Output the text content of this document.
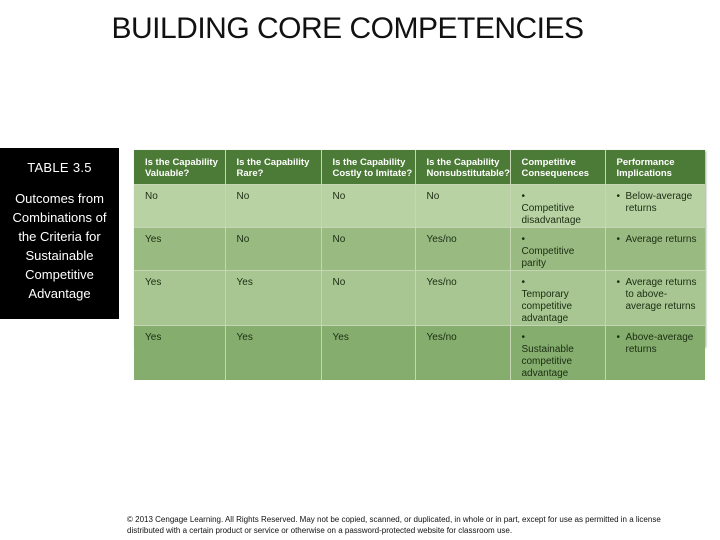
BUILDING CORE COMPETENCIES
TABLE 3.5
Outcomes from Combinations of the Criteria for Sustainable Competitive Advantage
Is the Capability Valuable?	Is the Capability Rare?	Is the Capability Costly to Imitate?	Is the Capability Nonsubstitutable?	Competitive Consequences	Performance Implications
No	No	No	No	•Competitive disadvantage	• Below-average returns
Yes	No	No	Yes/no	•Competitive parity	• Average returns
Yes	Yes	No	Yes/no	•Temporary competitive advantage	• Average returns to above-average returns
Yes	Yes	Yes	Yes/no	•Sustainable competitive advantage	• Above-average returns
© 2013 Cengage Learning. All Rights Reserved. May not be copied, scanned, or duplicated, in whole or in part, except for use as permitted in a license distributed with a certain product or service or otherwise on a password-protected website for classroom use.
